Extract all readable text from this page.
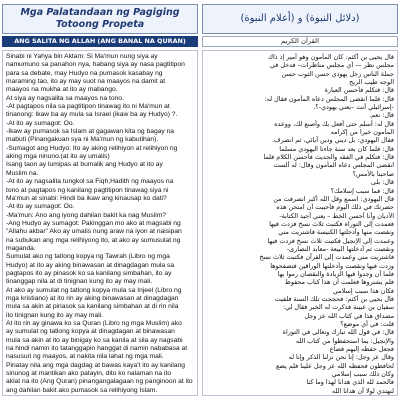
Mga Palatandaan ng Pagiging
Totoong Propeta
(دلائل النبوة) و (أعلام النبوة)
ANG SALITA NG ALLAH (ANG BANAL NA QURAN)	القرآن الكريم
Sinabi ni Yahya bin Aktam: Si Ma'mun nung siya ay
namumuno sa panahon nya, habang siya ay nasa pagtitipon
para sa debate, may Hudyo na pumasok kasabay ng
maraming tao, ito ay may suot na maayos na damit at
maayos na mukha at ito ay mabango.
At siya ay nagsalita sa maayos na tono.
-At pagtapos nila sa pagtitipon tinawag ito ni Ma'mun at
tinanong: Ikaw ba ay mula sa Israel (ikaw ba ay Hudyo) ?.
-At ito ay sumagot: Oo.
-Ikaw ay pumasok sa Islam at gagawan kita ng bagay na
mabuti (Pinangakuan sya ni Ma'mun ng kabutihan).
-Sumagot ang Hudyo: Ito ay aking relihiyon at relihiyon ng
aking mga ninuno.(at ito ay umalis)
Isang taon ay lumipas at bumalik ang Hudyo at ito ay
Muslim na.
-At ito ay nagsalita tungkol sa Fiqh,Hadith ng maayos na
tono at pagtapos ng kanilang pagtitipon tinawag siya ni
Ma'mun at sinabi: Hindi ba ikaw ang kinausap ko dati?
-At ito ay sumagot: Oo.
-Ma'mun: Ano ang iyong dahilan bakit ka nag Muslim?
-Ang Hudyo ay sumagot: Pakinggan mo ako at magsabi ng
"Allahu akbar" Ako ay umalis nung araw na iyon at naisipan
na subukan ang mga relihiyong ito, at ako ay sumusulat ng
maganda.
Sumulat ako ng tatlong kopya ng Tawrah (Libro ng mga
Hudyo) at ito ay aking binawasan at dinagdagan mula sa
pagtapos ito ay pinasok ko sa kanilang simbahan, ito ay
tinanggap nila at di tinignan kung ito ay may mali.
At ako ay sumulat ng tatlong kopya mula sa Injeel (Libro ng
mga kristiano) at ito rin ay aking binawasan at dinagdagan
mula sa akin at pinasok sa kanilang simbahan at di rin nila
ito tinignan kung ito ay may mali.
At ito rin ay ginawa ko sa Quran (Libro ng mga Muslim) ako
ay sumulat ng tatlong kopya at dinagdagan at binawasan
mula sa akin at ito ay binigay ko sa kanila at sila ay nagsabi
na hindi namin ito tatanggapin hanggat di namin nababasa at
nasusuri ng maayos, at nakita nila lahat ng mga mali.
Pinatay nila ang mga dagdag at bawas kaya't ito ay kanilang
sinunog at mantikan ako patayin, dito ko nalaman na ito
aklat na ito (Ang Quran) pinangangalagaan ng panginoon at ito
ang dahilan bakit ako pumasok sa relihiyong Islam.
قال يحيى بن أكثم: كان المأمون وهو أمير إذ ذاك
مجلس نظر — أي مجلس مناظرات– فدخل في
جملة الناس رجل يهودي حسن الثوب حسن
الوجه طيب الريح
قال: فتكلم فأحسن العبارة
قال: فلما انقضى المجلس دعاه المأمون فقال له:
-إسرائيلي أنت –يعني يهودي-؟.
قال: نعم.
قال له: أسلم حتى أفعل بك وأصنع لك، ووعده
المأمون خيرا من إكرامه
فقال اليهودي: بل ديني ودين آبائي، ثم انصرف.
قال: فلما كان بعد سنة جاءنا اليهودي مسلما
قال: فتكلم في الفقه والحديث فأحسن الكلام فلما
انقضى المجلس دعاه المأمون وقال: له ألست
صاحبنا بالأمس؟
قال: بلى
قال: فما سبب إسلامك؟
قال اليهودي: اسمع وقل الله أكبر انصرفت من
حضرتك في ذلك اليوم فأحببت أن امتحن هذه
الأديان وأنا أحسن الخط – يعني أجيد الكتابة-
فعمدت إلى التوراة فكتبت ثلاث نسخ فزدت فيها
ونقصت منها وأدخلتها الكنيسة فاشتريت مني
وعمدت إلى الإنجيل فكتبت ثلاث نسخ فزدت فيها
ونقصت ثم أدخلتها البيعة -معابد النصارى-
فاشتريت مني وعمدت إلى القرآن فكتبت ثلاث نسخ
وزدت فيها ونقصت وأدخلتها الوراقين فتصفحوها
فلما أن وجدوا فيها الزيادة والنقصان رموا بها
فلم يشتروها فعلمت أن هذا كتاب محفوظ
فكان هذا سبب إسلامي
قال يحيى بن أكثم: فحججت تلك السنة فلقيت
سفيان بن عيينة فذكرت له الخبر فقال لي:
مصداق هذا في كتاب الله عز وجل
قلت: في أي موضع؟
قال: في قول الله تبارك وتعالى في التوراة
والإنجيل: بما استحفظوا من كتاب الله
فجعل حفظه إليهم فضاع
وقال عز وجل: إنا نحن نزلنا الذكر وإنا له
لحافظون فحفظه الله عز وجل علينا فلم يضع
وكان ذلك سبب إسلامي
فالحمد لله الذي هدانا لهذا وما كنا
لنهتدي لولا أن هدانا الله
